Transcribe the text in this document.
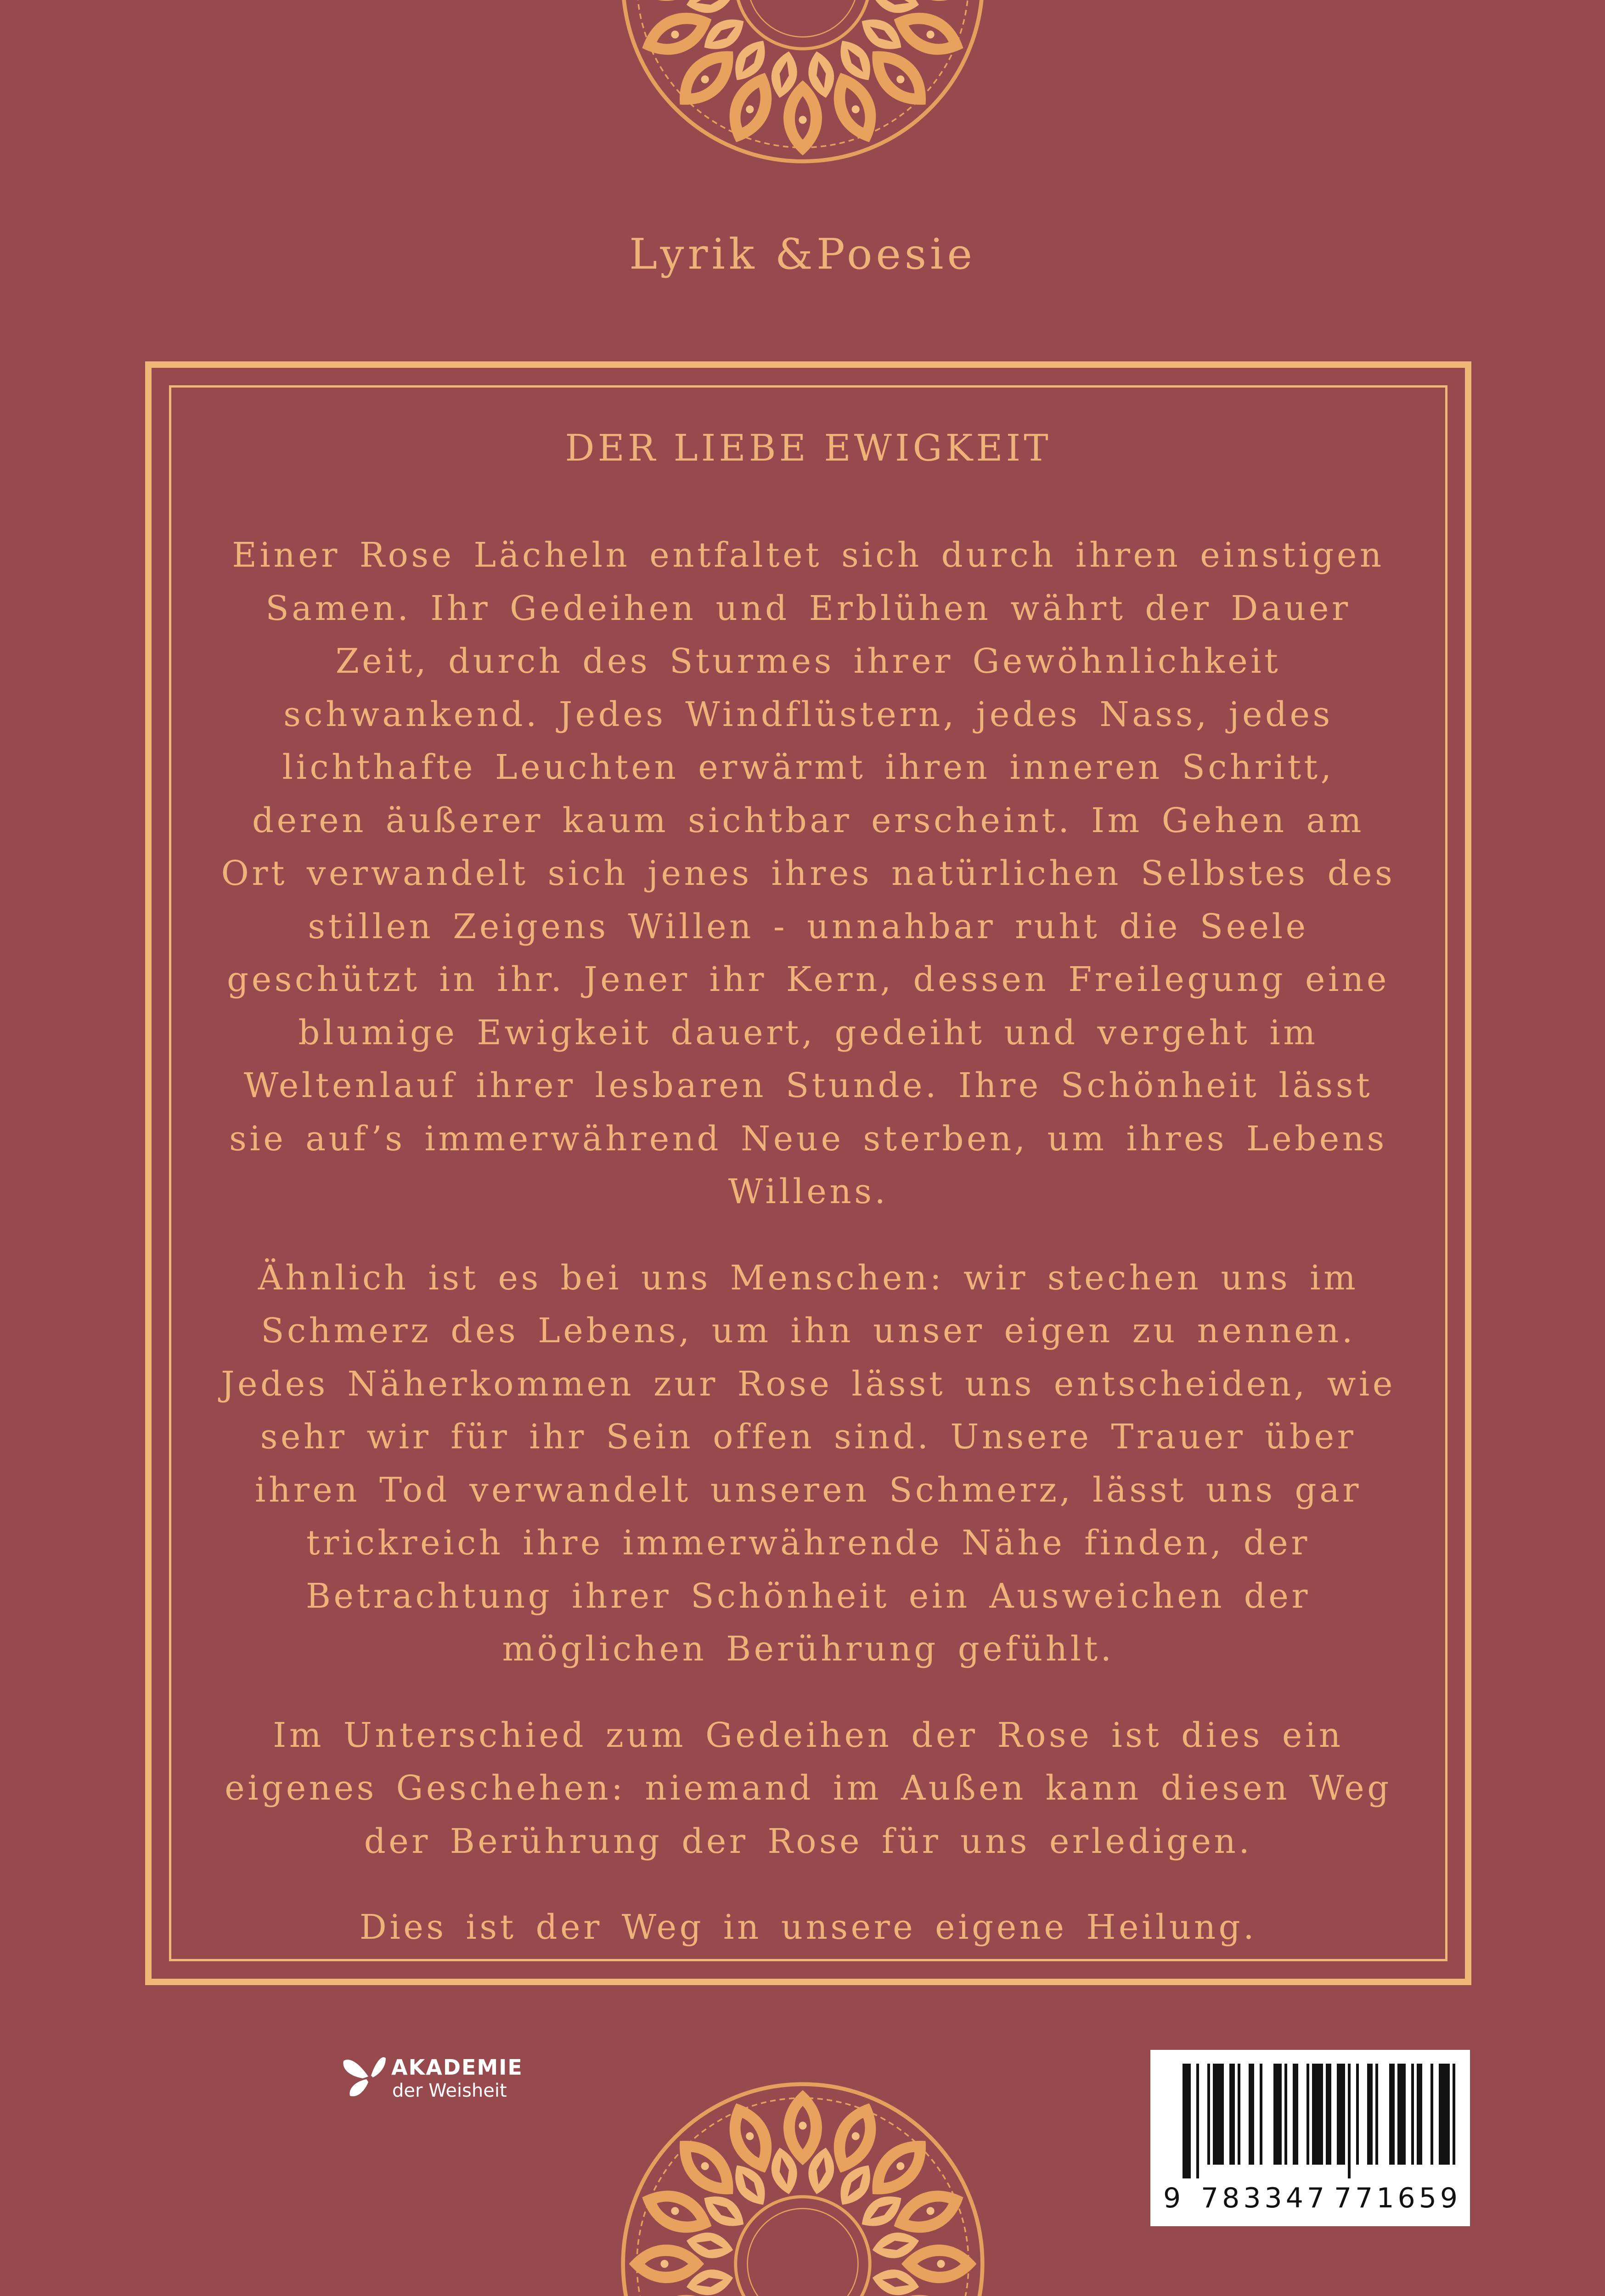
Lyrik &Poesie
DER LIEBE EWIGKEIT

Einer Rose Lächeln entfaltet sich durch ihren einstigen Samen. Ihr Gedeihen und Erblühen währt der Dauer Zeit, durch des Sturmes ihrer Gewöhnlichkeit schwankend. Jedes Windflüstern, jedes Nass, jedes lichthafte Leuchten erwärmt ihren inneren Schritt, deren äußerer kaum sichtbar erscheint. Im Gehen am Ort verwandelt sich jenes ihres natürlichen Selbstes des stillen Zeigens Willen - unnahbar ruht die Seele geschützt in ihr. Jener ihr Kern, dessen Freilegung eine blumige Ewigkeit dauert, gedeiht und vergeht im Weltenlauf ihrer lesbaren Stunde. Ihre Schönheit lässt sie auf’s immerwährend Neue sterben, um ihres Lebens Willens.

Ähnlich ist es bei uns Menschen: wir stechen uns im Schmerz des Lebens, um ihn unser eigen zu nennen. Jedes Näherkommen zur Rose lässt uns entscheiden, wie sehr wir für ihr Sein offen sind. Unsere Trauer über ihren Tod verwandelt unseren Schmerz, lässt uns gar trickreich ihre immerwährende Nähe finden, der Betrachtung ihrer Schönheit ein Ausweichen der möglichen Berührung gefühlt.

Im Unterschied zum Gedeihen der Rose ist dies ein eigenes Geschehen: niemand im Außen kann diesen Weg der Berührung der Rose für uns erledigen.

Dies ist der Weg in unsere eigene Heilung.

AKADEMIE
der Weisheit
9 783347 771659
